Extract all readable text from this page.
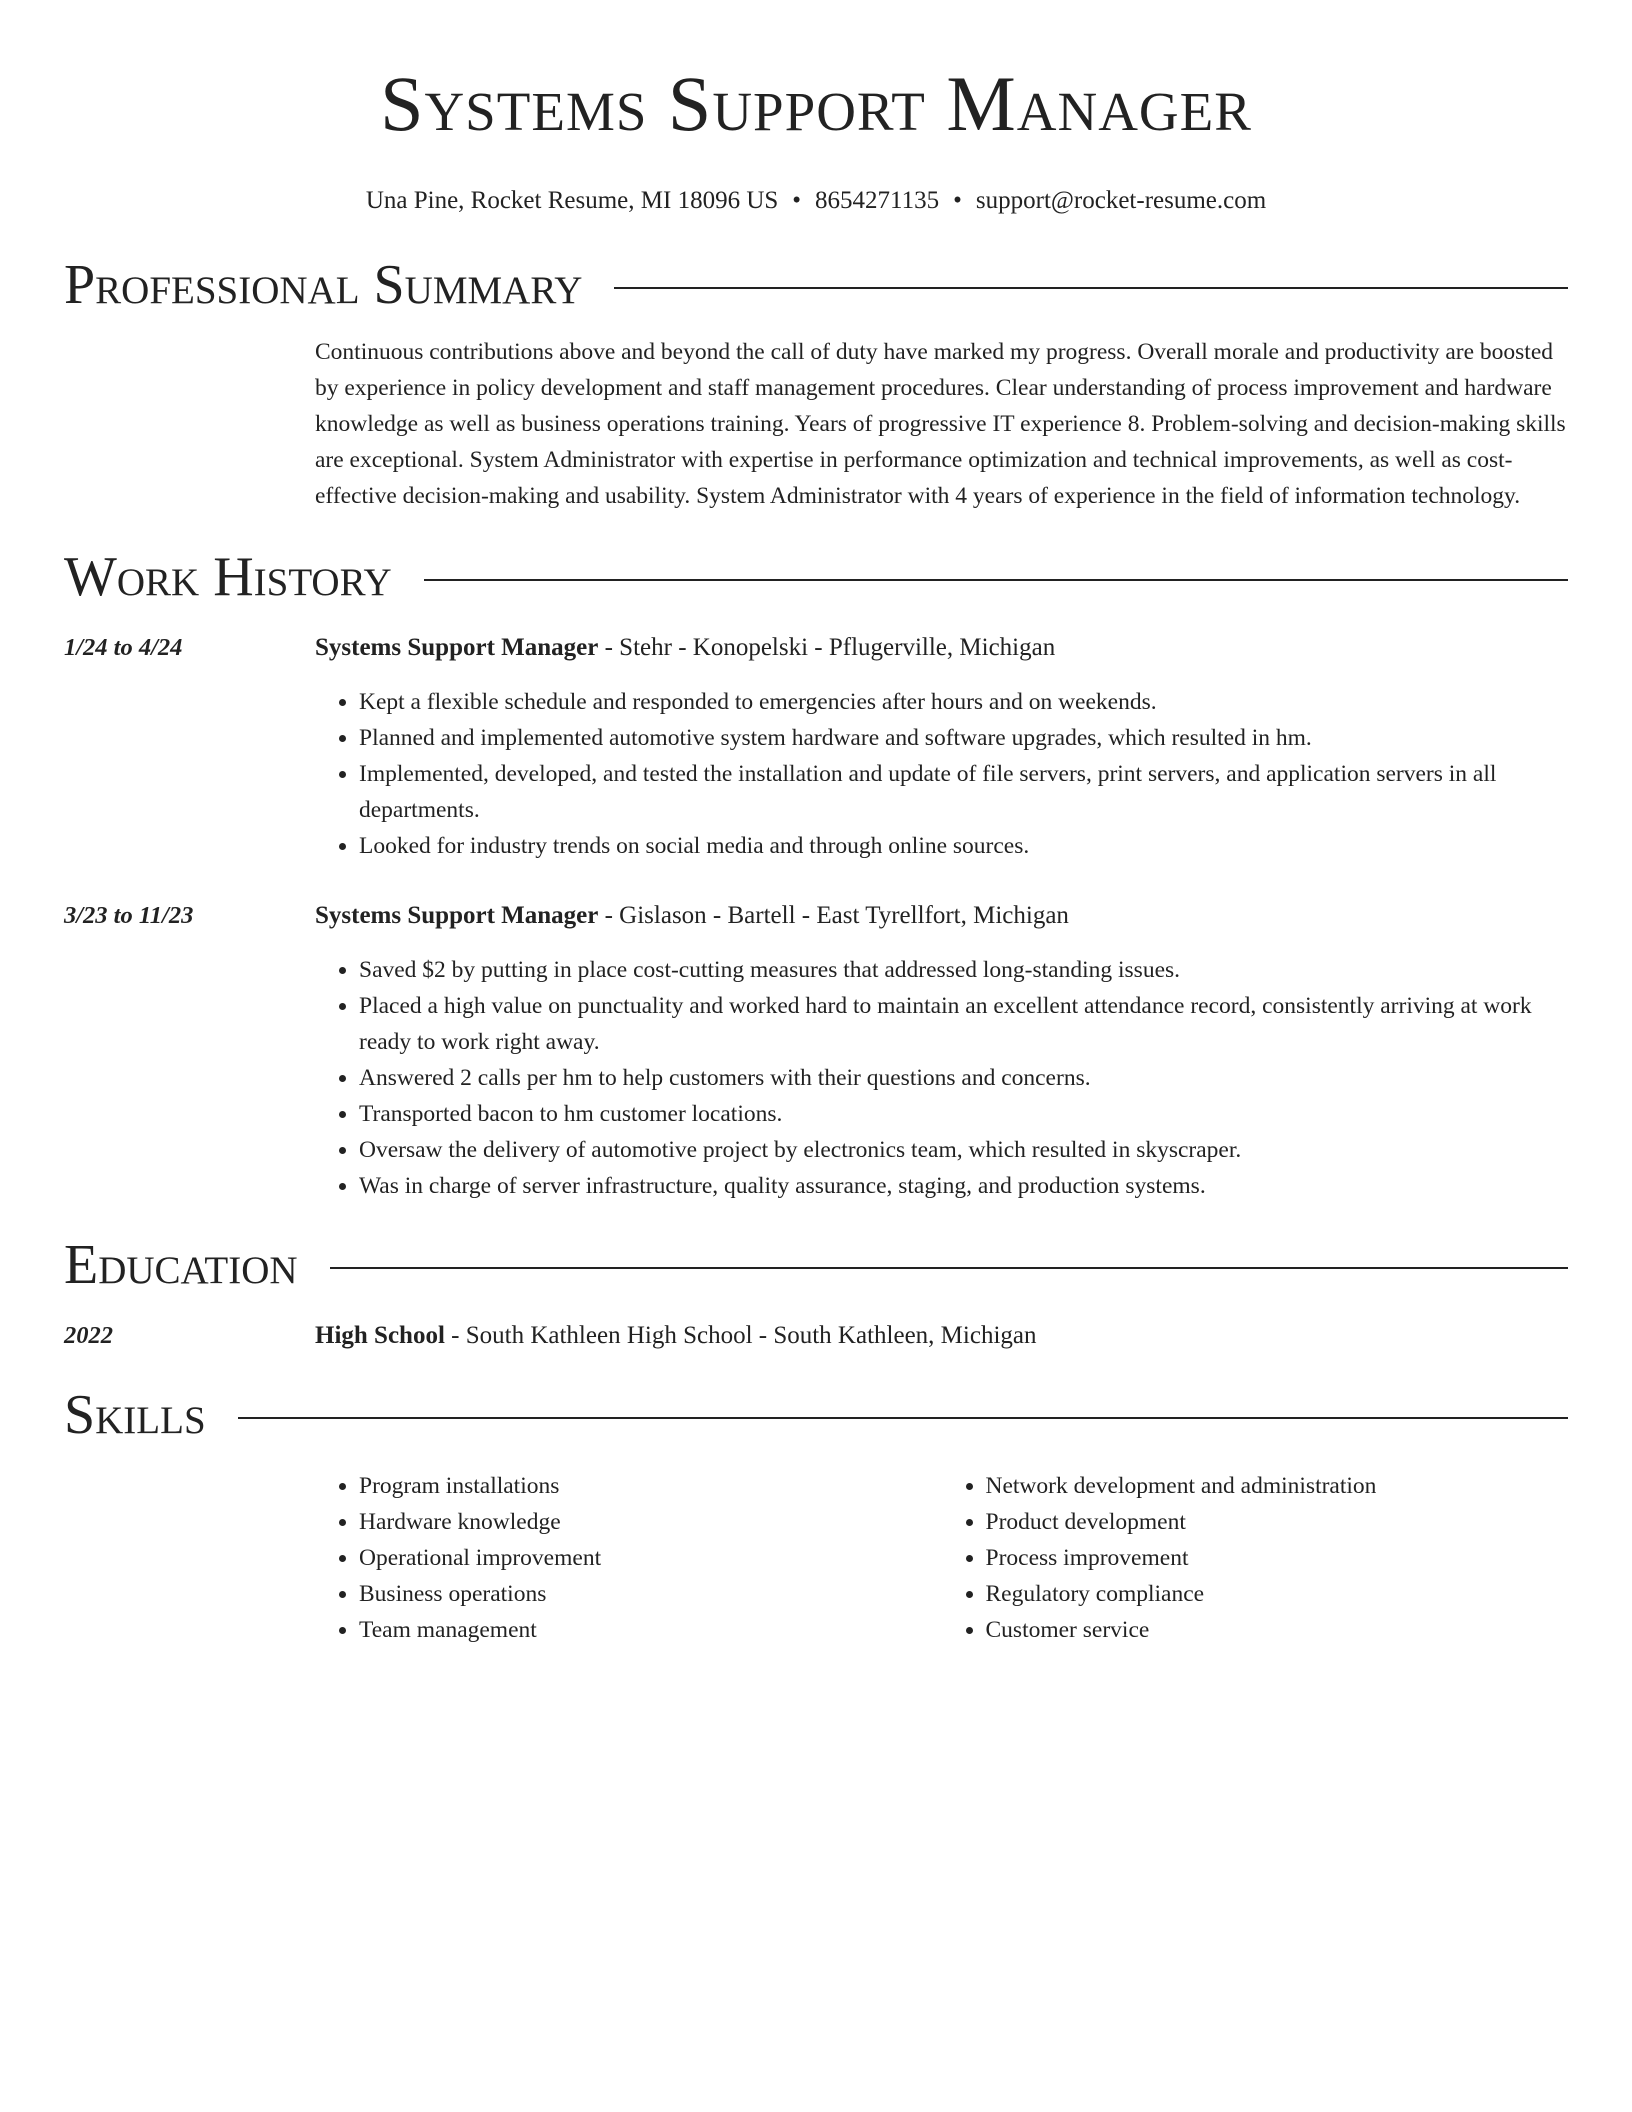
Systems Support Manager
Una Pine, Rocket Resume, MI 18096 US • 8654271135 • support@rocket-resume.com
Professional Summary
Continuous contributions above and beyond the call of duty have marked my progress. Overall morale and productivity are boosted by experience in policy development and staff management procedures. Clear understanding of process improvement and hardware knowledge as well as business operations training. Years of progressive IT experience 8. Problem-solving and decision-making skills are exceptional. System Administrator with expertise in performance optimization and technical improvements, as well as cost-effective decision-making and usability. System Administrator with 4 years of experience in the field of information technology.
Work History
1/24 to 4/24	Systems Support Manager - Stehr - Konopelski - Pflugerville, Michigan
• Kept a flexible schedule and responded to emergencies after hours and on weekends.
• Planned and implemented automotive system hardware and software upgrades, which resulted in hm.
• Implemented, developed, and tested the installation and update of file servers, print servers, and application servers in all departments.
• Looked for industry trends on social media and through online sources.
3/23 to 11/23	Systems Support Manager - Gislason - Bartell - East Tyrellfort, Michigan
• Saved $2 by putting in place cost-cutting measures that addressed long-standing issues.
• Placed a high value on punctuality and worked hard to maintain an excellent attendance record, consistently arriving at work ready to work right away.
• Answered 2 calls per hm to help customers with their questions and concerns.
• Transported bacon to hm customer locations.
• Oversaw the delivery of automotive project by electronics team, which resulted in skyscraper.
• Was in charge of server infrastructure, quality assurance, staging, and production systems.
Education
2022	High School - South Kathleen High School - South Kathleen, Michigan
Skills
• Program installations
• Hardware knowledge
• Operational improvement
• Business operations
• Team management
• Network development and administration
• Product development
• Process improvement
• Regulatory compliance
• Customer service
